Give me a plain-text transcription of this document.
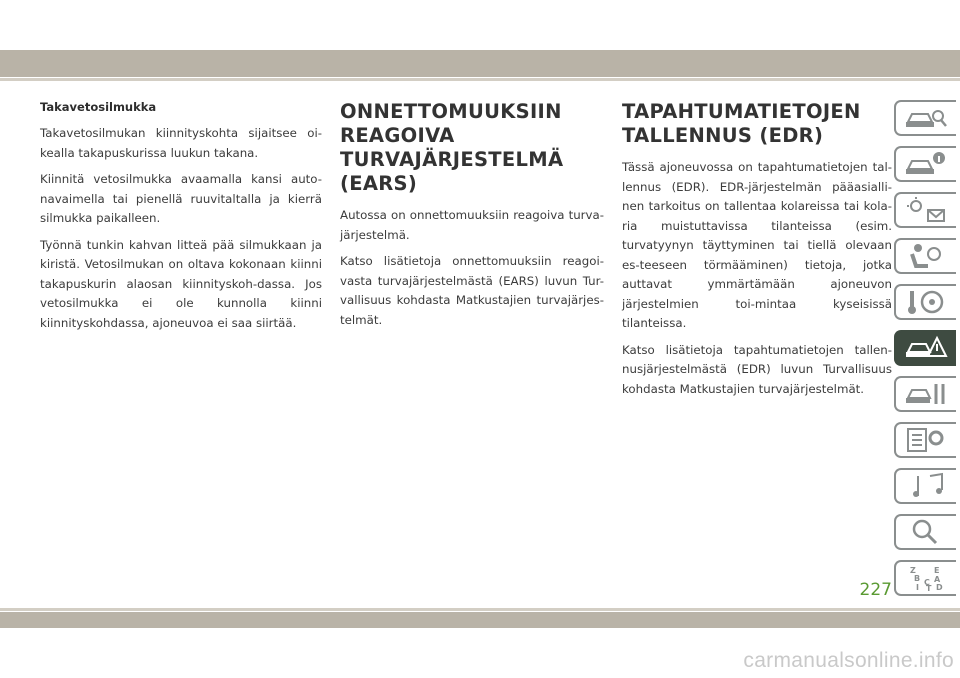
Takavetosilmukka

Takavetosilmukan kiinnityskohta sijaitsee oi-kealla takapuskurissa luukun takana.

Kiinnitä vetosilmukka avaamalla kansi auto-navaimella tai pienellä ruuvitaltalla ja kierrä silmukka paikalleen.

Työnnä tunkin kahvan litteä pää silmukkaan ja kiristä. Vetosilmukan on oltava kokonaan kiinni takapuskurin alaosan kiinnityskoh-dassa. Jos vetosilmukka ei ole kunnolla kiinni kiinnityskohdassa, ajoneuvoa ei saa siirtää.

ONNETTOMUUKSIIN
REAGOIVA
TURVAJÄRJESTELMÄ
(EARS)

Autossa on onnettomuuksiin reagoiva turva-järjestelmä.

Katso lisätietoja onnettomuuksiin reagoi-vasta turvajärjestelmästä (EARS) luvun Tur-vallisuus kohdasta Matkustajien turvajärjes-telmät.

TAPAHTUMATIETOJEN
TALLENNUS (EDR)

Tässä ajoneuvossa on tapahtumatietojen tal-lennus (EDR). EDR-järjestelmän pääasialli-nen tarkoitus on tallentaa kolareissa tai kola-ria muistuttavissa tilanteissa (esim. turvatyynyn täyttyminen tai tiellä olevaan es-teeseen törmääminen) tietoja, jotka auttavat ymmärtämään ajoneuvon järjestelmien toi-mintaa kyseisissä tilanteissa.

Katso lisätietoja tapahtumatietojen tallen-nusjärjestelmästä (EDR) luvun Turvallisuus kohdasta Matkustajien turvajärjestelmät.

Z E
B A
C
I D
T
227
carmanualsonline.info
